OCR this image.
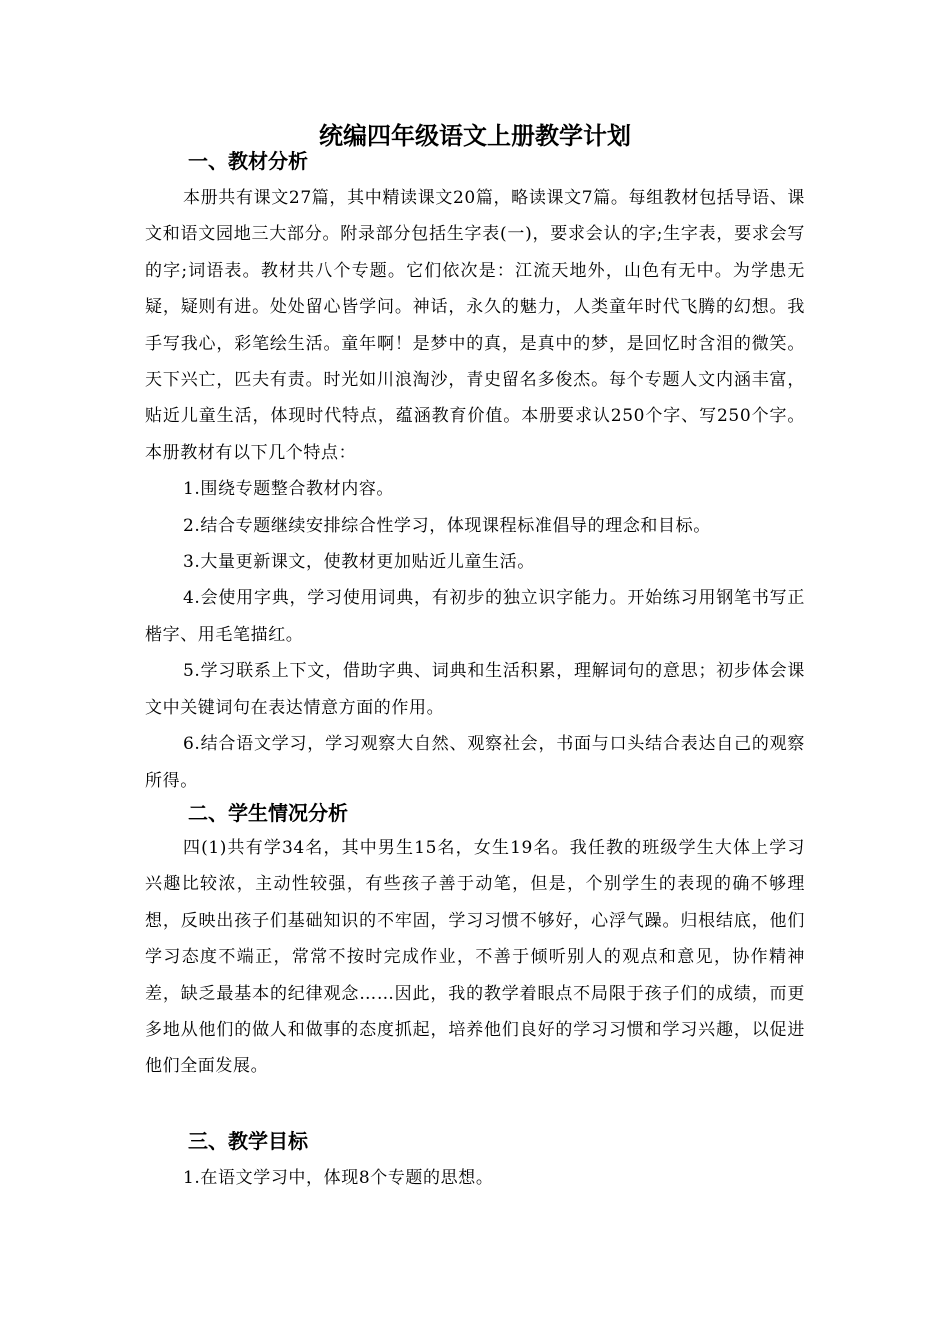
统编四年级语文上册教学计划
一、教材分析

本册共有课文27篇，其中精读课文20篇，略读课文7篇。每组教材包括导语、课文和语文园地三大部分。附录部分包括生字表(一)，要求会认的字;生字表，要求会写的字;词语表。教材共八个专题。它们依次是：江流天地外，山色有无中。为学患无疑，疑则有进。处处留心皆学问。神话，永久的魅力，人类童年时代飞腾的幻想。我手写我心，彩笔绘生活。童年啊！是梦中的真，是真中的梦，是回忆时含泪的微笑。天下兴亡，匹夫有责。时光如川浪淘沙，青史留名多俊杰。每个专题人文内涵丰富，贴近儿童生活，体现时代特点，蕴涵教育价值。本册要求认250个字、写250个字。本册教材有以下几个特点：

1.围绕专题整合教材内容。

2.结合专题继续安排综合性学习，体现课程标准倡导的理念和目标。

3.大量更新课文，使教材更加贴近儿童生活。

4.会使用字典，学习使用词典，有初步的独立识字能力。开始练习用钢笔书写正楷字、用毛笔描红。

5.学习联系上下文，借助字典、词典和生活积累，理解词句的意思；初步体会课文中关键词句在表达情意方面的作用。

6.结合语文学习，学习观察大自然、观察社会，书面与口头结合表达自己的观察所得。

二、学生情况分析

四(1)共有学34名，其中男生15名，女生19名。我任教的班级学生大体上学习兴趣比较浓，主动性较强，有些孩子善于动笔，但是，个别学生的表现的确不够理想，反映出孩子们基础知识的不牢固，学习习惯不够好，心浮气躁。归根结底，他们学习态度不端正，常常不按时完成作业，不善于倾听别人的观点和意见，协作精神差，缺乏最基本的纪律观念……因此，我的教学着眼点不局限于孩子们的成绩，而更多地从他们的做人和做事的态度抓起，培养他们良好的学习习惯和学习兴趣，以促进他们全面发展。

三、教学目标

1.在语文学习中，体现8个专题的思想。
